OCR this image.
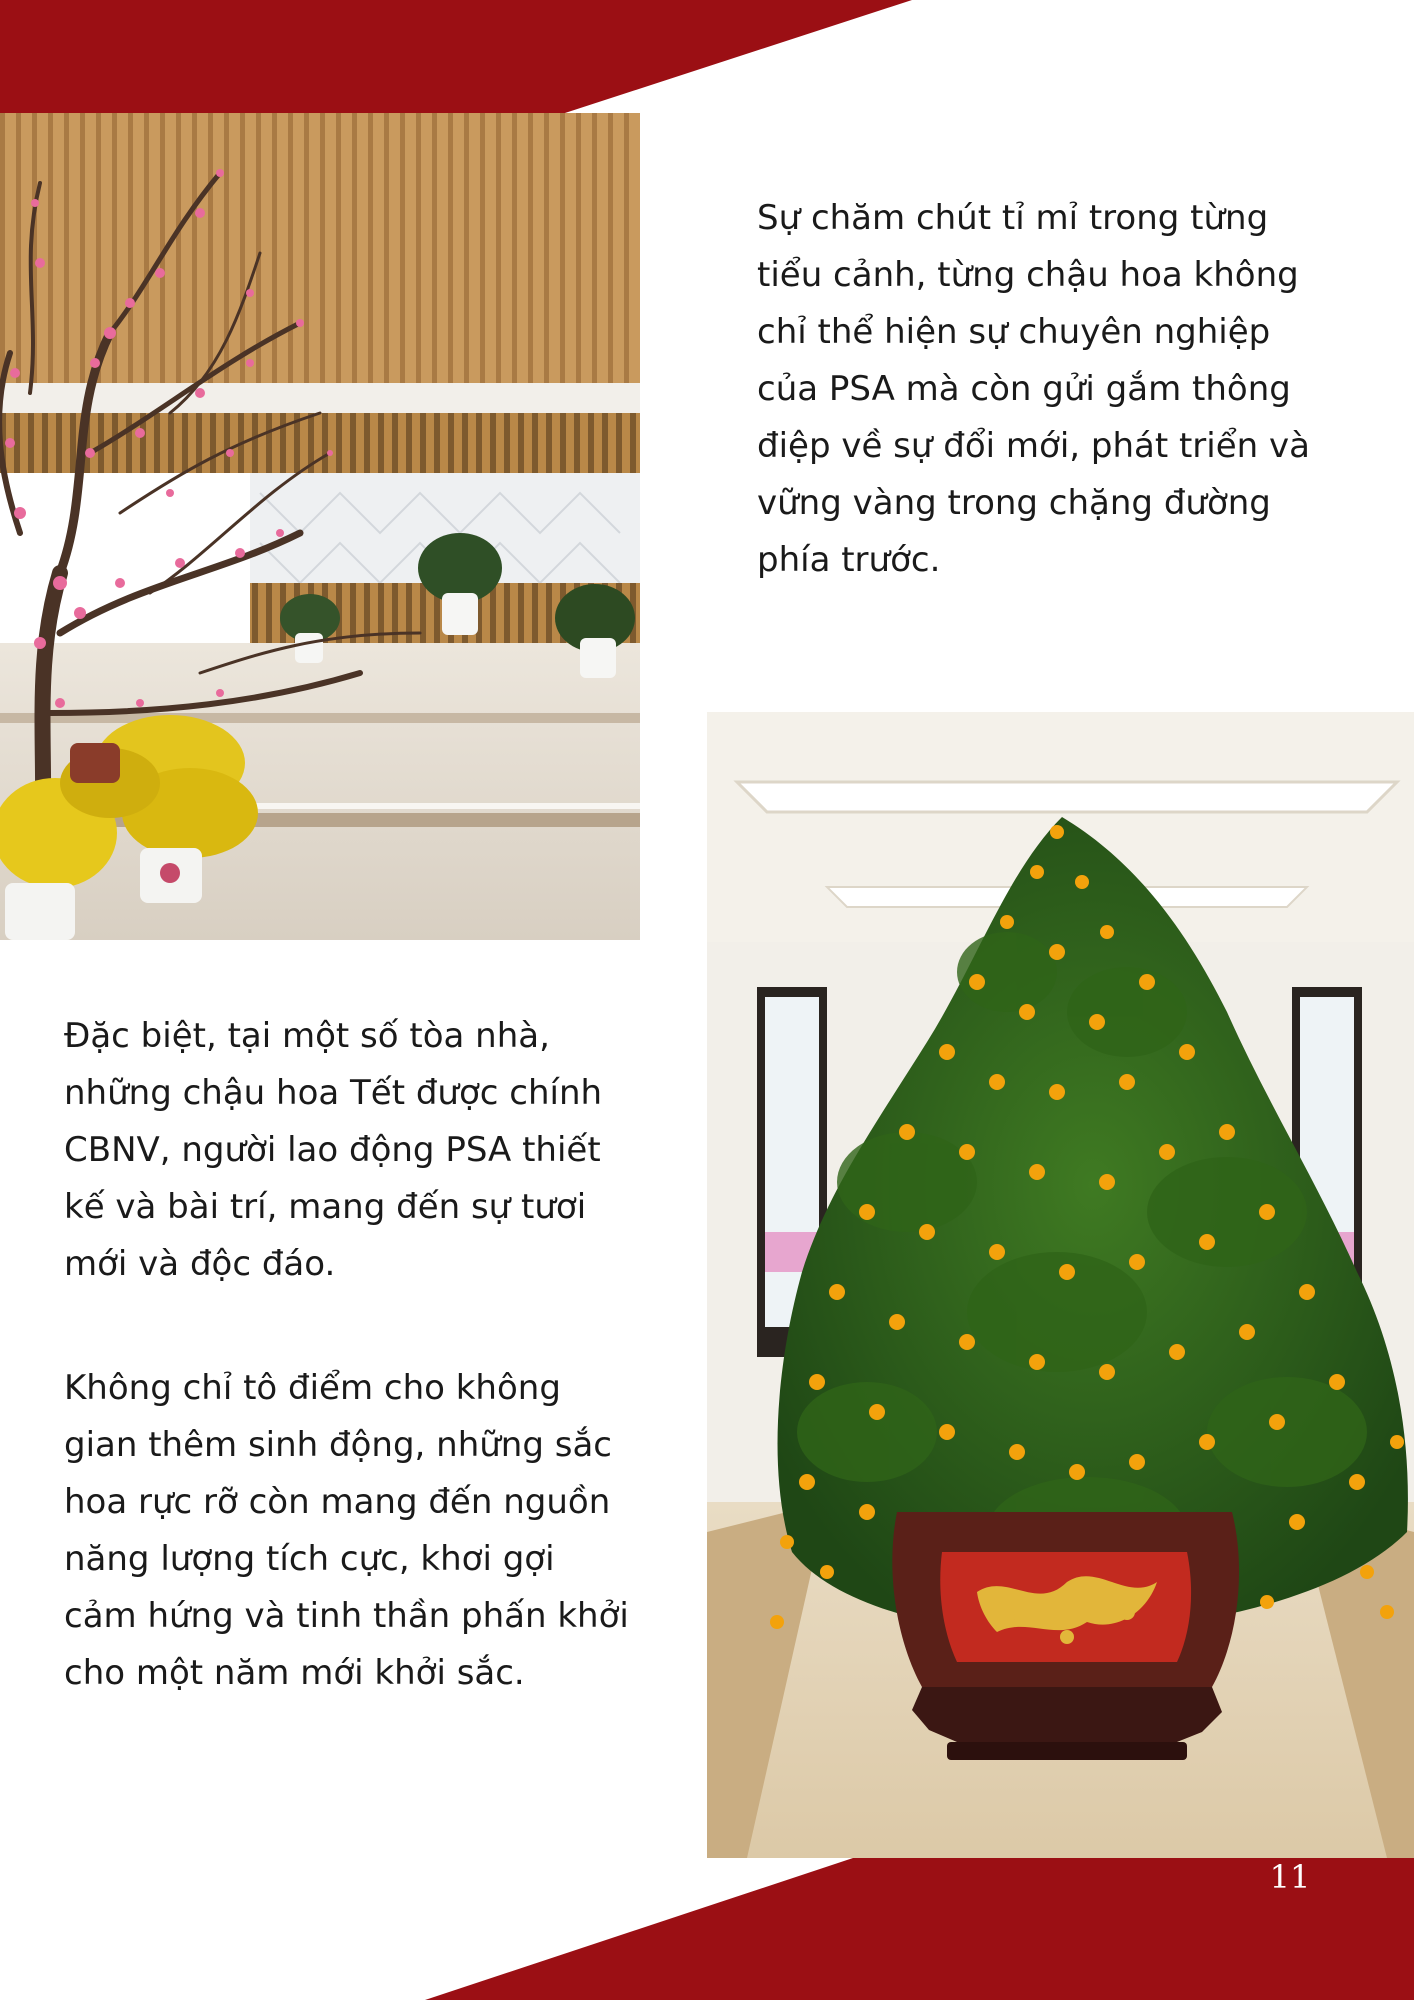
Sự chăm chút tỉ mỉ trong từng
tiểu cảnh, từng chậu hoa không
chỉ thể hiện sự chuyên nghiệp
của PSA mà còn gửi gắm thông
điệp về sự đổi mới, phát triển và
vững vàng trong chặng đường
phía trước.

Đặc biệt, tại một số tòa nhà,
những chậu hoa Tết được chính
CBNV, người lao động PSA thiết
kế và bài trí, mang đến sự tươi
mới và độc đáo.

Không chỉ tô điểm cho không
gian thêm sinh động, những sắc
hoa rực rỡ còn mang đến nguồn
năng lượng tích cực, khơi gợi
cảm hứng và tinh thần phấn khởi
cho một năm mới khởi sắc.

11
